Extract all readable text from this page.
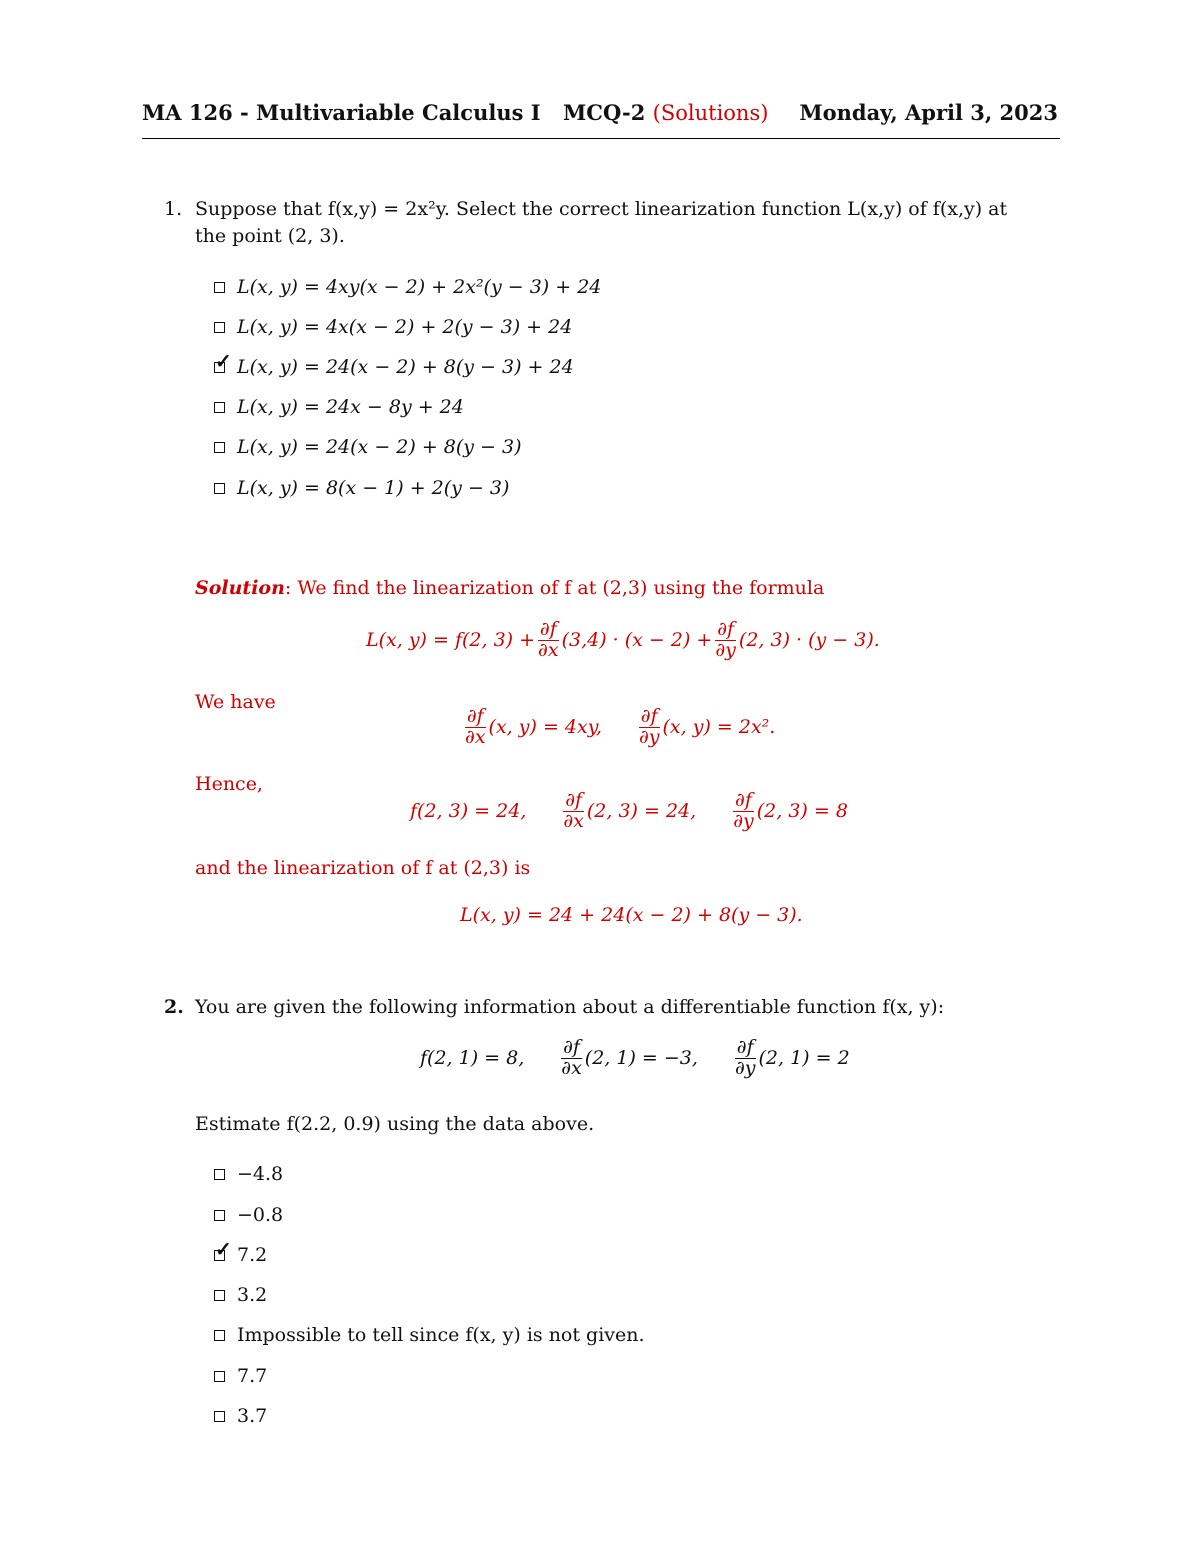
MA 126 - Multivariable Calculus I MCQ-2 (Solutions) Monday, April 3, 2023
1. Suppose that f(x,y) = 2x²y. Select the correct linearization function L(x,y) of f(x,y) at
the point (2, 3).
L(x, y) = 4xy(x − 2) + 2x²(y − 3) + 24
L(x, y) = 4x(x − 2) + 2(y − 3) + 24
✓ L(x, y) = 24(x − 2) + 8(y − 3) + 24
L(x, y) = 24x − 8y + 24
L(x, y) = 24(x − 2) + 8(y − 3)
L(x, y) = 8(x − 1) + 2(y − 3)
Solution: We find the linearization of f at (2,3) using the formula
L(x, y) = f(2, $3) + \frac{\partial f}{\partial x} (3,4) \cdot (x - 2) + \frac{\partial f}{\partial y} (2$, 3) · (y − 3).
We have
$\frac{\partial f}{\partial x} (x$, y) = 4xy, $\frac{\partial f}{\partial y} (x$, y) = 2x².
Hence,
f(2, 3) = 24, $\frac{\partial f}{\partial x} (2$, 3) = 24, $\frac{\partial f}{\partial y} (2$, 3) = 8
and the linearization of f at (2,3) is
L(x, y) = 24 + 24(x − 2) + 8(y − 3).
2. You are given the following information about a differentiable function f(x, y):
f(2, 1) = 8, $\frac{\partial f}{\partial x} (2$, 1) = −3, $\frac{\partial f}{\partial y} (2$, 1) = 2
Estimate f(2.2, 0.9) using the data above.
−4.8
−0.8
✓ 7.2
3.2
Impossible to tell since f(x, y) is not given.
7.7
3.7
